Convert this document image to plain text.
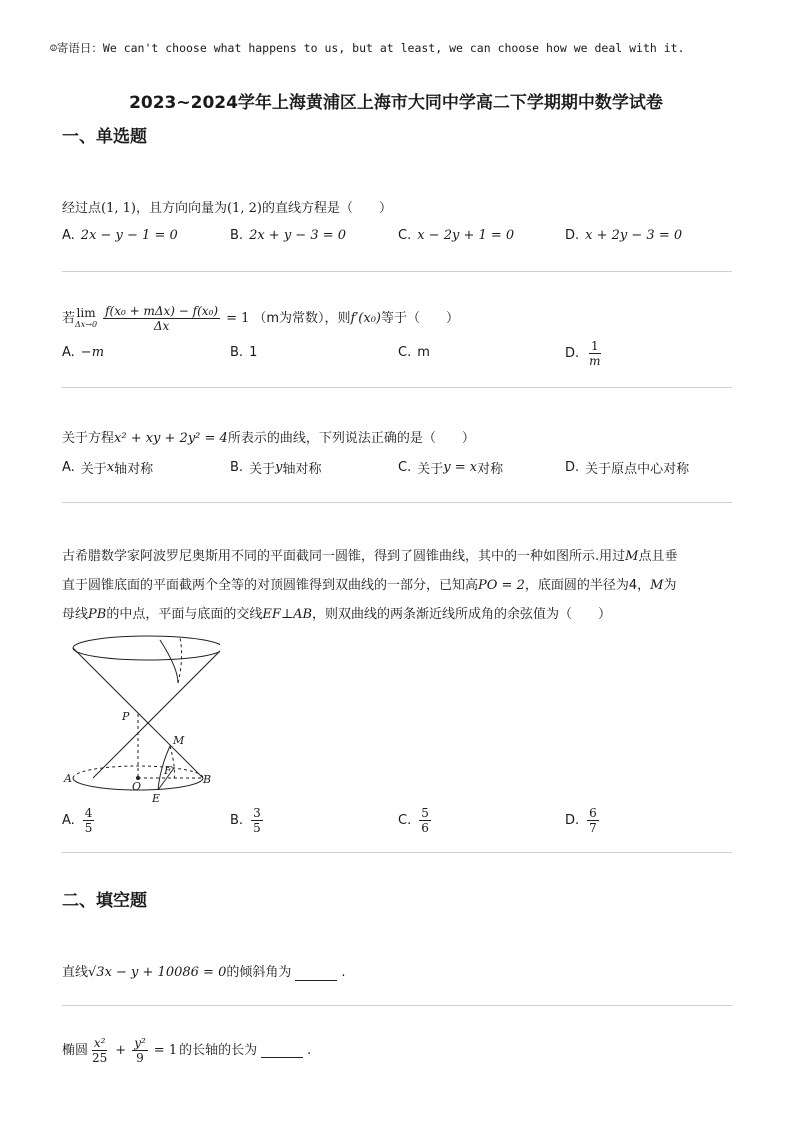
☺寄语日：We can't choose what happens to us, but at least, we can choose how we deal with it.
2023~2024学年上海黄浦区上海市大同中学高二下学期期中数学试卷
一、单选题
经过点(1, 1)，且方向向量为(1, 2)的直线方程是（　　）
A. 2x − y − 1 = 0	B. 2x + y − 3 = 0	C. x − 2y + 1 = 0	D. x + 2y − 3 = 0
若 lim
$\Delta x\to 0 \frac{\text{f(x₀ + mΔx) − f(x₀)}}{\Delta x} = 1$ （m为常数），则 f′(x₀) 等于（　　）
A. −m	B. 1	C. m	D. $\frac{1}{m}$
关于方程x² + xy + 2y² = 4所表示的曲线，下列说法正确的是（　　）
A. 关于 x 轴对称	B. 关于 y 轴对称	C. 关于 y = x 对称	D. 关于原点中心对称
古希腊数学家阿波罗尼奥斯用不同的平面截同一圆锥，得到了圆锥曲线，其中的一种如图所示.用过M点且垂
直于圆锥底面的平面截两个全等的对顶圆锥得到双曲线的一部分，已知高PO = 2，底面圆的半径为4，M为
母线PB的中点，平面与底面的交线EF⊥AB，则双曲线的两条渐近线所成角的余弦值为（　　）
P
M
A
O
B
E
F
A. $\frac{4}{5}$	B. $\frac{3}{5}$	C. $\frac{5}{6}$	D. $\frac{6}{7}$
二、填空题
直线 √3x − y + 10086 = 0 的倾斜角为	.
椭圆 $\frac{\text{x²}}{25} + \frac{\text{y²}}{9} = 1$ 的长轴的长为	.
